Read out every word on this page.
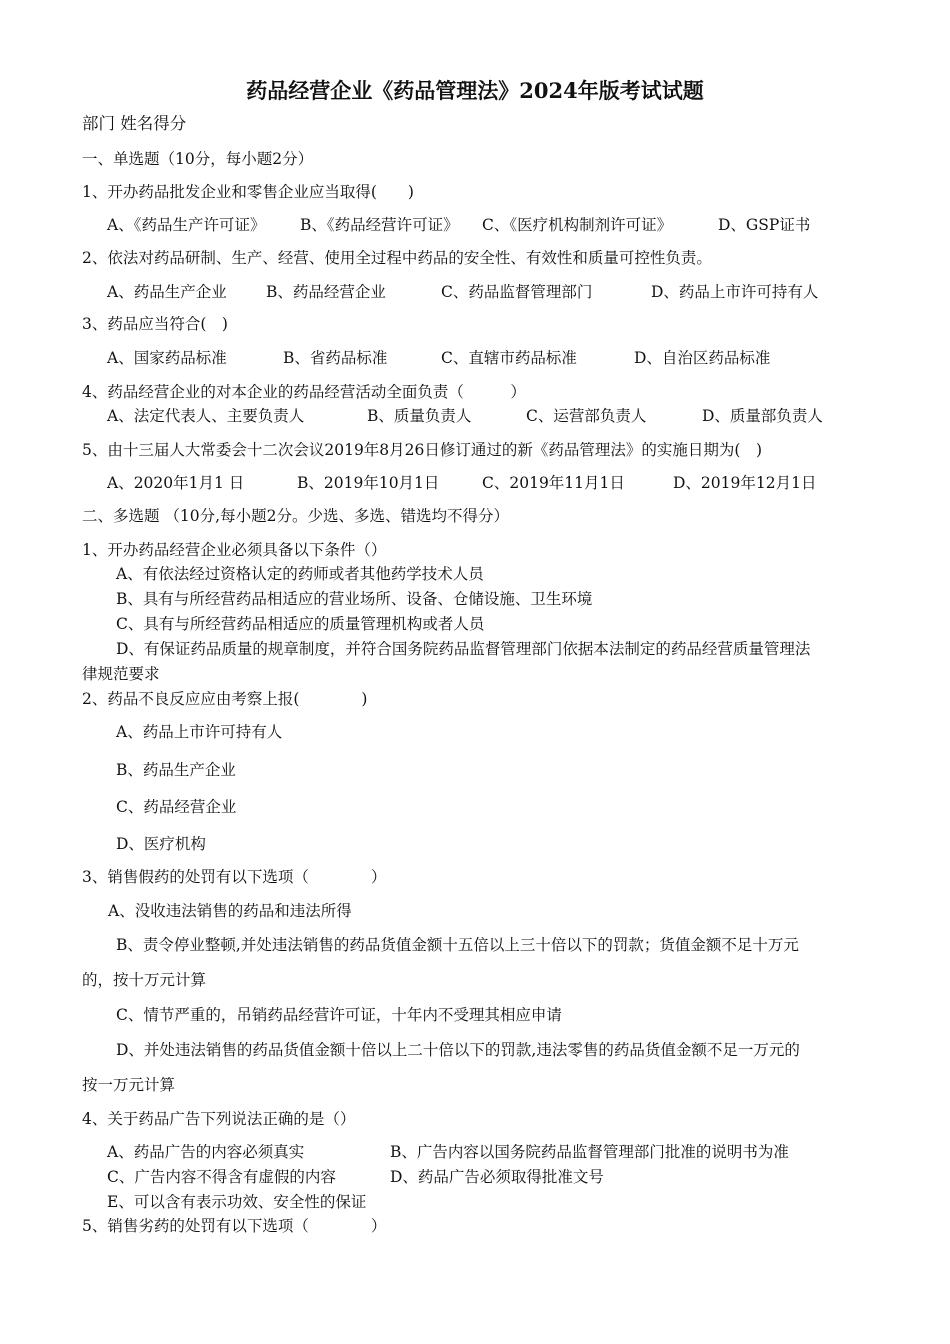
药品经营企业《药品管理法》2024年版考试试题
部门 姓名得分
一、单选题（10分，每小题2分）
1、开办药品批发企业和零售企业应当取得(　　)
A、《药品生产许可证》 B、《药品经营许可证》 C、《医疗机构制剂许可证》	D、GSP证书
2、依法对药品研制、生产、经营、使用全过程中药品的安全性、有效性和质量可控性负责。
A、药品生产企业	B、药品经营企业	C、药品监督管理部门	D、药品上市许可持有人
3、药品应当符合(　)
A、国家药品标准	B、省药品标准	C、直辖市药品标准	D、自治区药品标准
4、药品经营企业的对本企业的药品经营活动全面负责（　　　）
A、法定代表人、主要负责人	B、质量负责人	C、运营部负责人	D、质量部负责人
5、由十三届人大常委会十二次会议2019年8月26日修订通过的新《药品管理法》的实施日期为(　)
A、2020年1月1 日	B、2019年10月1日	C、2019年11月1日	D、2019年12月1日
二、多选题 （10分,每小题2分。少选、多选、错选均不得分）
1、开办药品经营企业必须具备以下条件（）
A、有依法经过资格认定的药师或者其他药学技术人员
B、具有与所经营药品相适应的营业场所、设备、仓储设施、卫生环境
C、具有与所经营药品相适应的质量管理机构或者人员
D、有保证药品质量的规章制度，并符合国务院药品监督管理部门依据本法制定的药品经营质量管理法
律规范要求
2、药品不良反应应由考察上报(　　　　)
A、药品上市许可持有人
B、药品生产企业
C、药品经营企业
D、医疗机构
3、销售假药的处罚有以下选项（　　　　）
A、没收违法销售的药品和违法所得
B、责令停业整顿,并处违法销售的药品货值金额十五倍以上三十倍以下的罚款；货值金额不足十万元
的，按十万元计算
C、情节严重的，吊销药品经营许可证，十年内不受理其相应申请
D、并处违法销售的药品货值金额十倍以上二十倍以下的罚款,违法零售的药品货值金额不足一万元的
按一万元计算
4、关于药品广告下列说法正确的是（）
A、药品广告的内容必须真实	B、广告内容以国务院药品监督管理部门批准的说明书为准
C、广告内容不得含有虚假的内容	D、药品广告必须取得批准文号
E、可以含有表示功效、安全性的保证
5、销售劣药的处罚有以下选项（　　　　）
